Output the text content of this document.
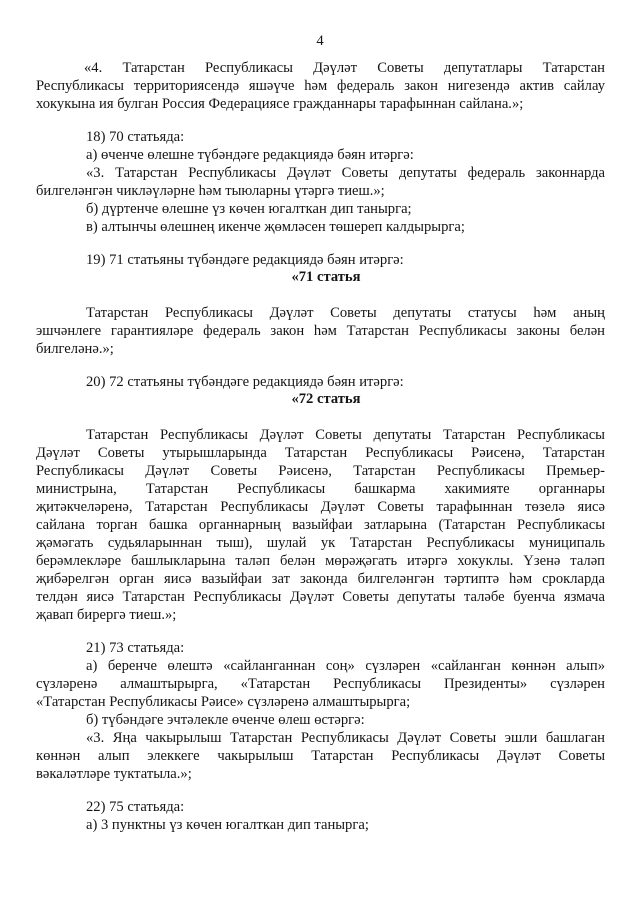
4
«4. Татарстан Республикасы Дәүләт Советы депутатлары Татарстан
Республикасы территориясендә яшәүче һәм федераль закон нигезендә актив сайлау
хокукына ия булган Россия Федерациясе гражданнары тарафыннан сайлана.»;
18) 70 статьяда:
а) өченче өлешне түбәндәге редакциядә бәян итәргә:
«3. Татарстан Республикасы Дәүләт Советы депутаты федераль законнарда
билгеләнгән чикләүләрне һәм тыюларны үтәргә тиеш.»;
б) дүртенче өлешне үз көчен югалткан дип танырга;
в) алтынчы өлешнең икенче җөмләсен төшереп калдырырга;
19) 71 статьяны түбәндәге редакциядә бәян итәргә:
«71 статья
Татарстан Республикасы Дәүләт Советы депутаты статусы һәм аның
эшчәнлеге гарантияләре федераль закон һәм Татарстан Республикасы законы белән
билгеләнә.»;
20) 72 статьяны түбәндәге редакциядә бәян итәргә:
«72 статья
Татарстан Республикасы Дәүләт Советы депутаты Татарстан Республикасы
Дәүләт Советы утырышларында Татарстан Республикасы Рәисенә, Татарстан
Республикасы Дәүләт Советы Рәисенә, Татарстан Республикасы Премьер-
министрына, Татарстан Республикасы башкарма хакимияте органнары
җитәкчеләренә, Татарстан Республикасы Дәүләт Советы тарафыннан төзелә яисә
сайлана торган башка органнарның вазыйфаи затларына (Татарстан Республикасы
җәмәгать судьяларыннан тыш), шулай ук Татарстан Республикасы муниципаль
берәмлекләре башлыкларына таләп белән мөрәҗәгать итәргә хокуклы. Үзенә таләп
җибәрелгән орган яисә вазыйфаи зат законда билгеләнгән тәртиптә һәм срокларда
телдән яисә Татарстан Республикасы Дәүләт Советы депутаты таләбе буенча язмача
җавап бирергә тиеш.»;
21) 73 статьяда:
а) беренче өлештә «сайланганнан соң» сүзләрен «сайланган көннән алып»
сүзләренә алмаштырырга, «Татарстан Республикасы Президенты» сүзләрен
«Татарстан Республикасы Рәисе» сүзләренә алмаштырырга;
б) түбәндәге эчтәлекле өченче өлеш өстәргә:
«3. Яңа чакырылыш Татарстан Республикасы Дәүләт Советы эшли башлаган
көннән алып элеккеге чакырылыш Татарстан Республикасы Дәүләт Советы
вәкаләтләре туктатыла.»;
22) 75 статьяда:
а) 3 пунктны үз көчен югалткан дип танырга;
